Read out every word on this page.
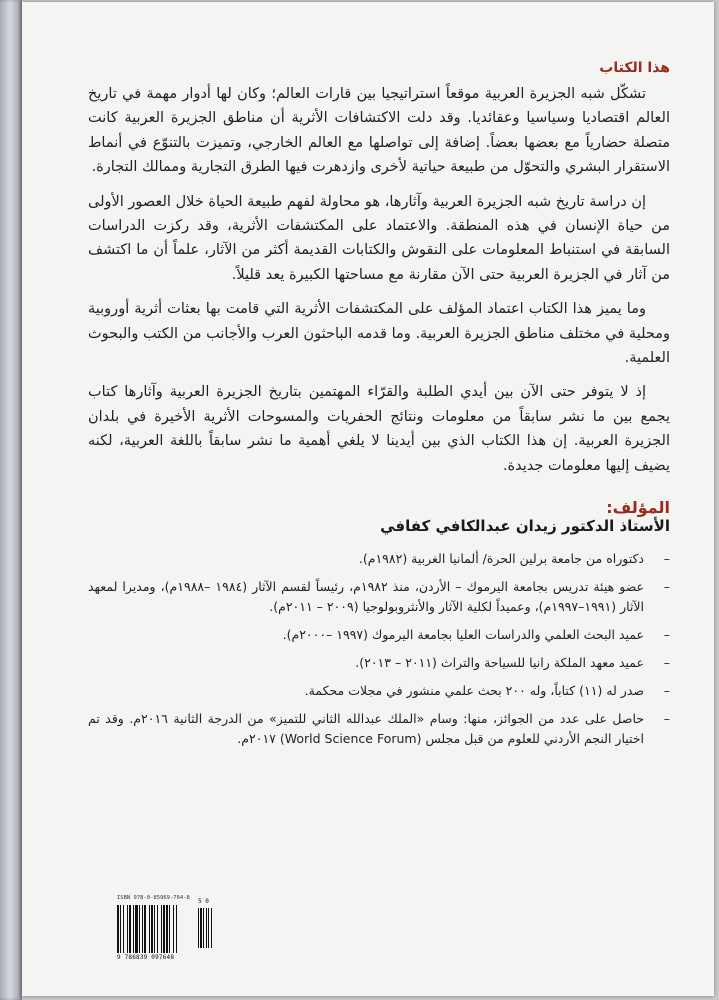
هذا الكتاب

تشكّل شبه الجزيرة العربية موقعاً استراتيجيا بين قارات العالم؛ وكان لها أدوار مهمة في تاريخ العالم اقتصاديا وسياسيا وعقائديا. وقد دلت الاكتشافات الأثرية أن مناطق الجزيرة العربية كانت متصلة حضارياً مع بعضها بعضاً. إضافة إلى تواصلها مع العالم الخارجي، وتميزت بالتنوّع في أنماط الاستقرار البشري والتحوّل من طبيعة حياتية لأخرى وازدهرت فيها الطرق التجارية وممالك التجارة.

إن دراسة تاريخ شبه الجزيرة العربية وآثارها، هو محاولة لفهم طبيعة الحياة خلال العصور الأولى من حياة الإنسان في هذه المنطقة. والاعتماد على المكتشفات الأثرية، وقد ركزت الدراسات السابقة في استنباط المعلومات على النقوش والكتابات القديمة أكثر من الآثار، علماً أن ما اكتشف من آثار في الجزيرة العربية حتى الآن مقارنة مع مساحتها الكبيرة يعد قليلاً.

وما يميز هذا الكتاب اعتماد المؤلف على المكتشفات الأثرية التي قامت بها بعثات أثرية أوروبية ومحلية في مختلف مناطق الجزيرة العربية. وما قدمه الباحثون العرب والأجانب من الكتب والبحوث العلمية.

إذ لا يتوفر حتى الآن بين أيدي الطلبة والقرّاء المهتمين بتاريخ الجزيرة العربية وآثارها كتاب يجمع بين ما نشر سابقاً من معلومات ونتائج الحفريات والمسوحات الأثرية الأخيرة في بلدان الجزيرة العربية. إن هذا الكتاب الذي بين أيدينا لا يلغي أهمية ما نشر سابقاً باللغة العربية، لكنه يضيف إليها معلومات جديدة.

المؤلف:
الأستاذ الدكتور زيدان عبدالكافي كفافي
– دكتوراه من جامعة برلين الحرة/ ألمانيا الغربية (١٩٨٢م).
– عضو هيئة تدريس بجامعة اليرموك – الأردن، منذ ١٩٨٢م، رئيساً لقسم الآثار (١٩٨٤ –١٩٨٨م)، ومديرا لمعهد الآثار (١٩٩١–١٩٩٧م)، وعميداً لكلية الآثار والأنثروبولوجيا (٢٠٠٩ – ٢٠١١م).
– عميد البحث العلمي والدراسات العليا بجامعة اليرموك (١٩٩٧ –٢٠٠٠م).
– عميد معهد الملكة رانيا للسياحة والتراث (٢٠١١ – ٢٠١٣).
– صدر له (١١) كتاباً، وله ٢٠٠ بحث علمي منشور في مجلات محكمة.
– حاصل على عدد من الجوائز، منها: وسام «الملك عبدالله الثاني للتميز» من الدرجة الثانية ٢٠١٦م. وقد تم اختيار النجم الأردني للعلوم من قبل مجلس (World Science Forum) ٢٠١٧م.
ISBN 978-0-85969-764-8
9 786839 097648
5 0
